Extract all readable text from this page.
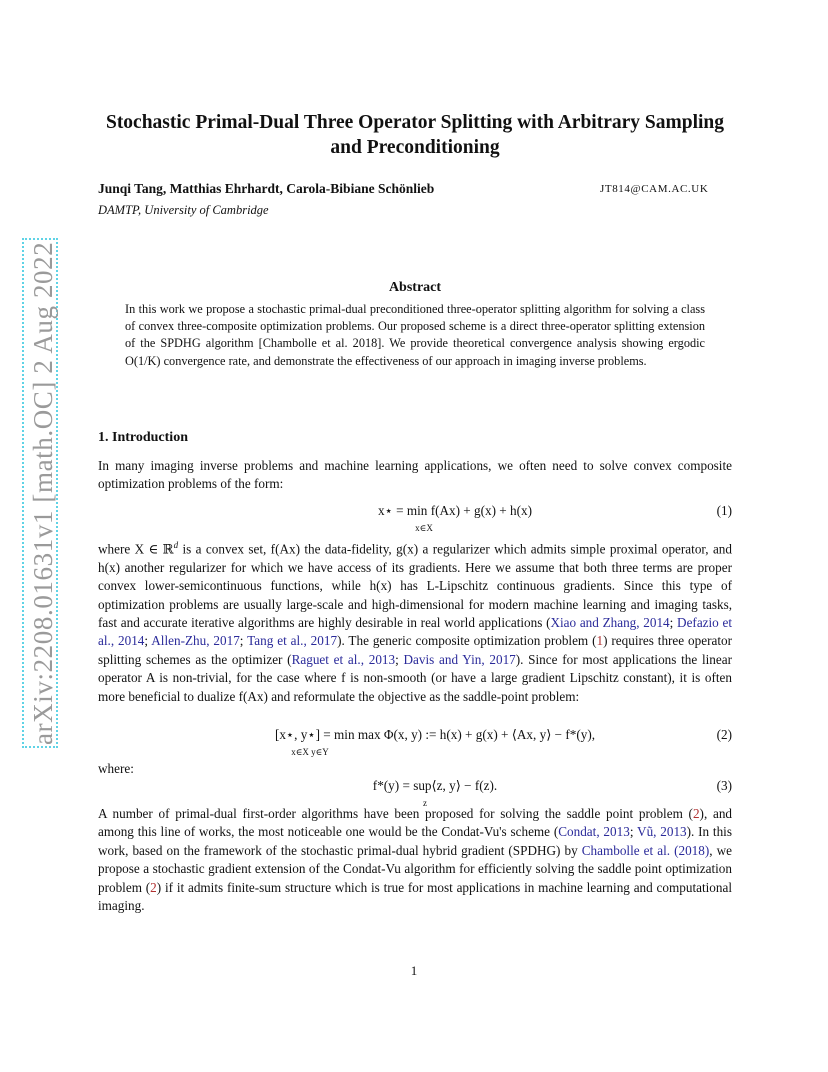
arXiv:2208.01631v1 [math.OC] 2 Aug 2022
Stochastic Primal-Dual Three Operator Splitting with Arbitrary Sampling
and Preconditioning
Junqi Tang, Matthias Ehrhardt, Carola-Bibiane Schönlieb	JT814@CAM.AC.UK
DAMTP, University of Cambridge
Abstract
In this work we propose a stochastic primal-dual preconditioned three-operator splitting algorithm for solving a class of convex three-composite optimization problems. Our proposed scheme is a direct three-operator splitting extension of the SPDHG algorithm [Chambolle et al. 2018]. We provide theoretical convergence analysis showing ergodic O(1/K) convergence rate, and demonstrate the effectiveness of our approach in imaging inverse problems.
1. Introduction
In many imaging inverse problems and machine learning applications, we often need to solve convex composite optimization problems of the form:
x⋆ = min f(Ax) + g(x) + h(x)
x∈X
(1)
where X ∈ ℝ$^d$ is a convex set, f(Ax) the data-fidelity, g(x) a regularizer which admits simple proximal operator, and h(x) another regularizer for which we have access of its gradients. Here we assume that both three terms are proper convex lower-semicontinuous functions, while h(x) has L-Lipschitz continuous gradients. Since this type of optimization problems are usually large-scale and high-dimensional for modern machine learning and imaging tasks, fast and accurate iterative algorithms are highly desirable in real world applications (Xiao and Zhang, 2014; Defazio et al., 2014; Allen-Zhu, 2017; Tang et al., 2017). The generic composite optimization problem (1) requires three operator splitting schemes as the optimizer (Raguet et al., 2013; Davis and Yin, 2017). Since for most applications the linear operator A is non-trivial, for the case where f is non-smooth (or have a large gradient Lipschitz constant), it is often more beneficial to dualize f(Ax) and reformulate the objective as the saddle-point problem:
[x⋆, y⋆] = min max Φ(x, y) := h(x) + g(x) + ⟨Ax, y⟩ − f*(y),
x∈X y∈Y
(2)
where:
f*(y) = sup⟨z, y⟩ − f(z).
z
(3)
A number of primal-dual first-order algorithms have been proposed for solving the saddle point problem (2), and among this line of works, the most noticeable one would be the Condat-Vu's scheme (Condat, 2013; Vũ, 2013). In this work, based on the framework of the stochastic primal-dual hybrid gradient (SPDHG) by Chambolle et al. (2018), we propose a stochastic gradient extension of the Condat-Vu algorithm for efficiently solving the saddle point optimization problem (2) if it admits finite-sum structure which is true for most applications in machine learning and computational imaging.
1
